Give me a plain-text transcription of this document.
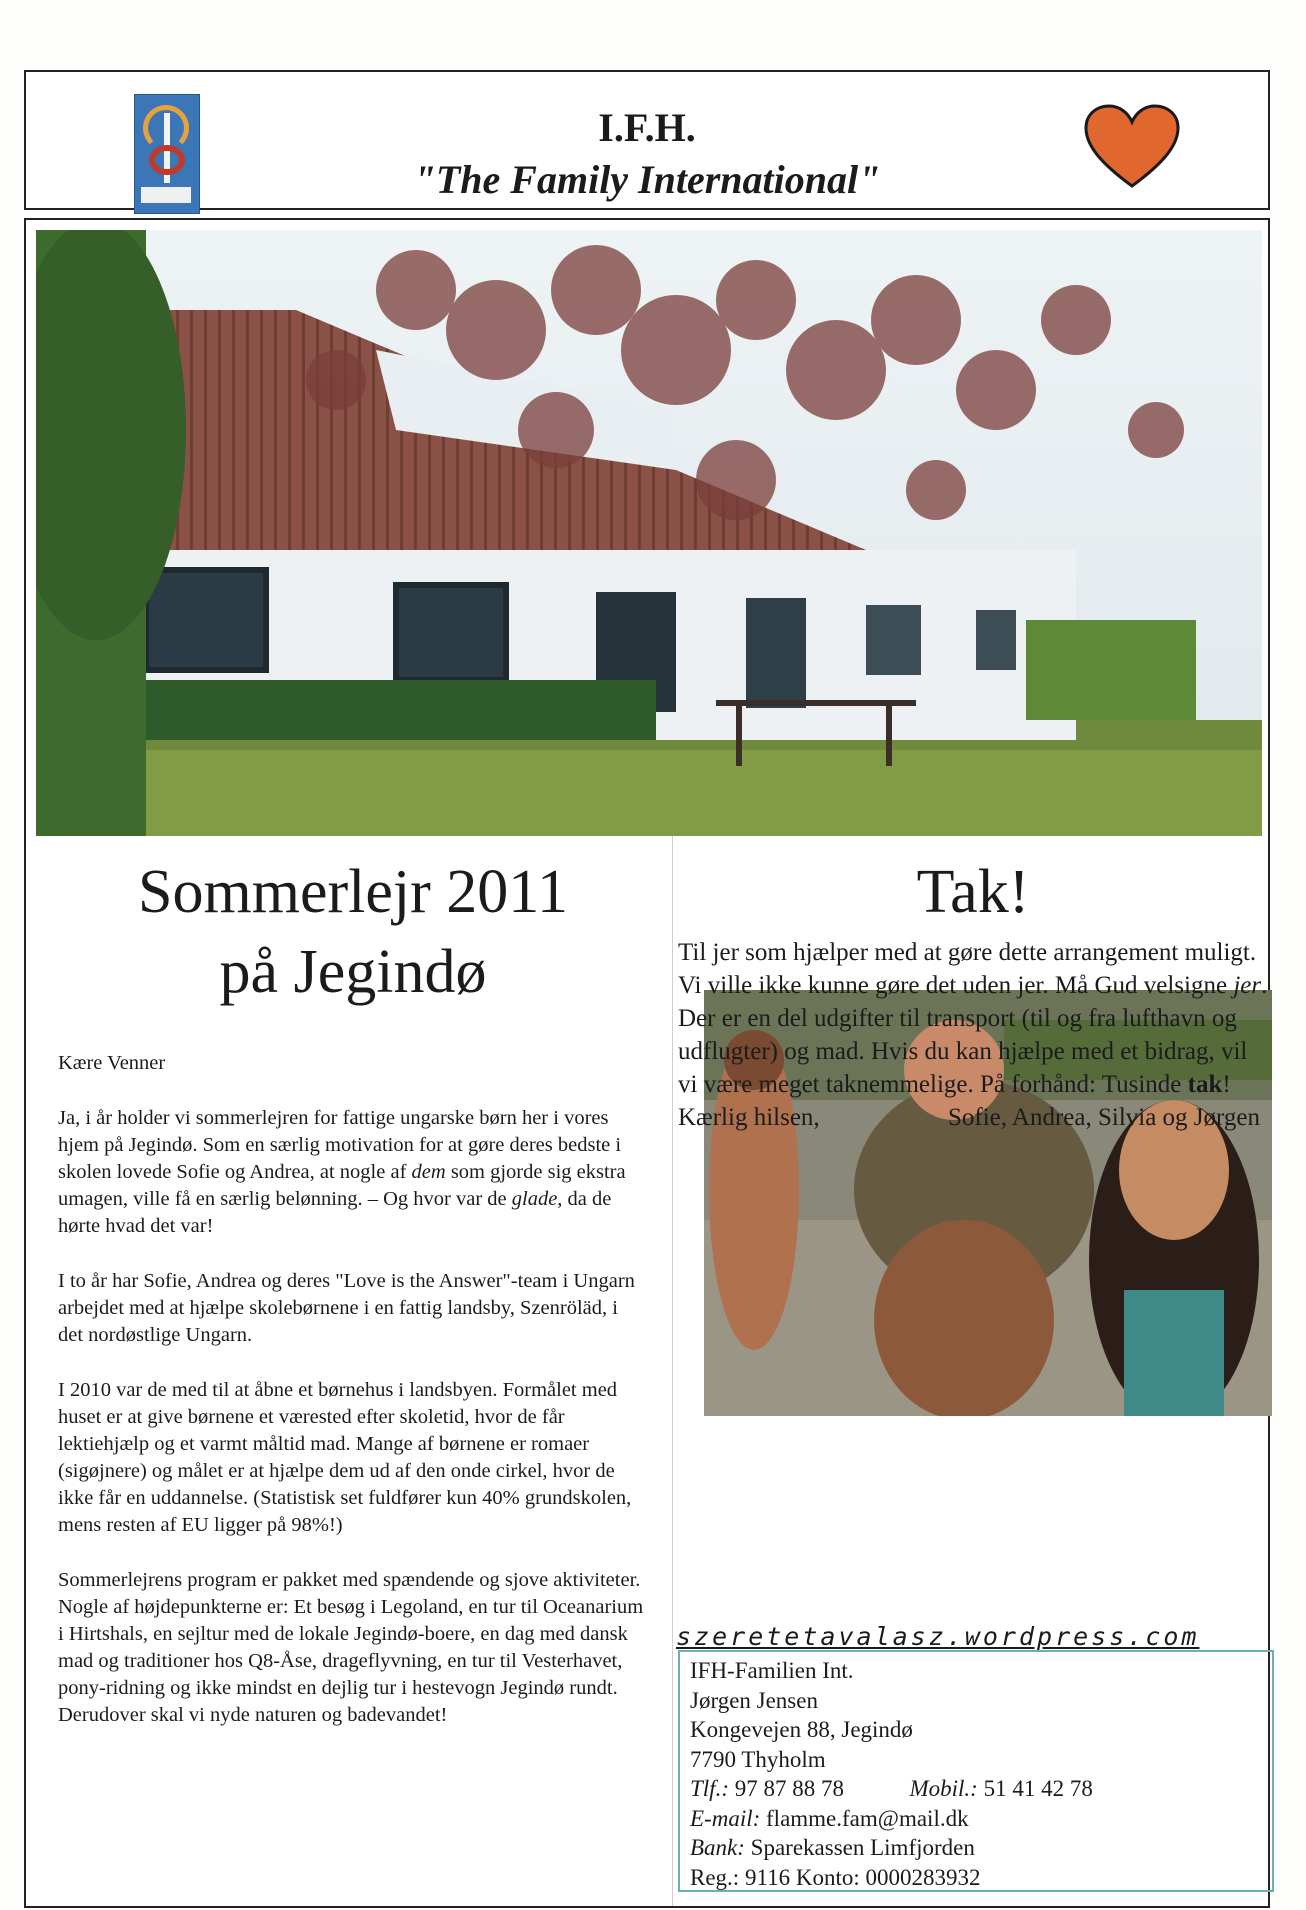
I.F.H.
"The Family International"
Sommerlejr 2011
på Jegindø

Kære Venner

Ja, i år holder vi sommerlejren for fattige ungarske børn her i vores hjem på Jegindø. Som en særlig motivation for at gøre deres bedste i skolen lovede Sofie og Andrea, at nogle af dem som gjorde sig ekstra umagen, ville få en særlig belønning. – Og hvor var de glade, da de hørte hvad det var!

I to år har Sofie, Andrea og deres "Love is the Answer"-team i Ungarn arbejdet med at hjælpe skolebørnene i en fattig landsby, Szenröläd, i det nordøstlige Ungarn.

I 2010 var de med til at åbne et børnehus i landsbyen. Formålet med huset er at give børnene et værested efter skoletid, hvor de får lektiehjælp og et varmt måltid mad. Mange af børnene er romaer (sigøjnere) og målet er at hjælpe dem ud af den onde cirkel, hvor de ikke får en uddannelse. (Statistisk set fuldfører kun 40% grundskolen, mens resten af EU ligger på 98%!)

Sommerlejrens program er pakket med spændende og sjove aktiviteter. Nogle af højdepunkterne er: Et besøg i Legoland, en tur til Oceanarium i Hirtshals, en sejltur med de lokale Jegindø-boere, en dag med dansk mad og traditioner hos Q8-Åse, drageflyvning, en tur til Vesterhavet, pony-ridning og ikke mindst en dejlig tur i hestevogn Jegindø rundt. Derudover skal vi nyde naturen og badevandet!

Tak!

Til jer som hjælper med at gøre dette arrangement muligt. Vi ville ikke kunne gøre det uden jer. Må Gud velsigne jer.

Der er en del udgifter til transport (til og fra lufthavn og udflugter) og mad. Hvis du kan hjælpe med et bidrag, vil vi være meget taknemmelige. På forhånd: Tusinde tak!

Kærlig hilsen,	Sofie, Andrea, Silvia og Jørgen
szeretetavalasz.wordpress.com
IFH-Familien Int.
Jørgen Jensen
Kongevejen 88, Jegindø
7790 Thyholm
Tlf.: 97 87 88 78	Mobil.: 51 41 42 78
E-mail: flamme.fam@mail.dk
Bank: Sparekassen Limfjorden
Reg.: 9116 Konto: 0000283932
